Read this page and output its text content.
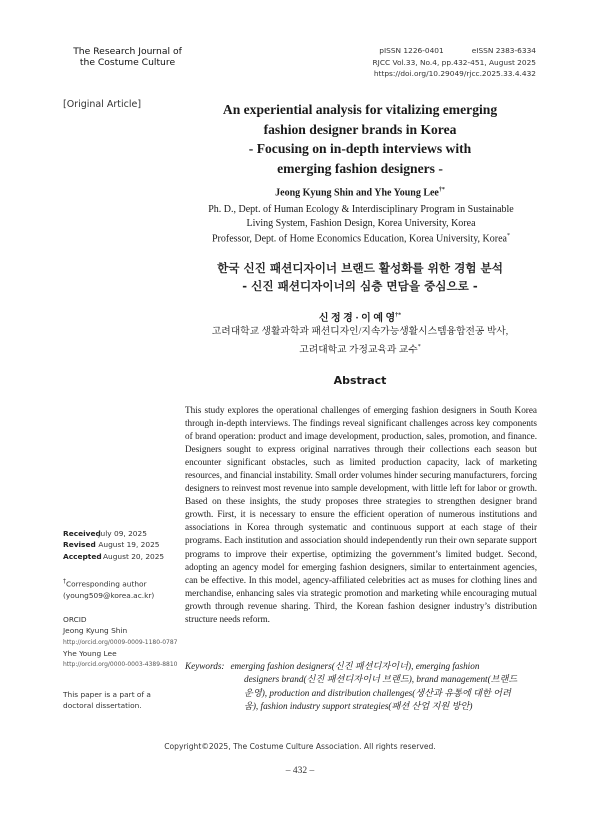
The Research Journal of
the Costume Culture
pISSN 1226-0401	eISSN 2383-6334
RJCC Vol.33, No.4, pp.432-451, August 2025
https://doi.org/10.29049/rjcc.2025.33.4.432
[Original Article]	An experiential analysis for vitalizing emerging
fashion designer brands in Korea
- Focusing on in-depth interviews with
emerging fashion designers -
Jeong Kyung Shin and Yhe Young Lee†*
Ph. D., Dept. of Human Ecology & Interdisciplinary Program in Sustainable
Living System, Fashion Design, Korea University, Korea
Professor, Dept. of Home Economics Education, Korea University, Korea*
한국 신진 패션디자이너 브랜드 활성화를 위한 경험 분석
- 신진 패션디자이너의 심층 면담을 중심으로 -
신 정 경 · 이 예 영†*
고려대학교 생활과학과 패션디자인/지속가능생활시스템융합전공 박사,
고려대학교 가정교육과 교수*
Abstract
This study explores the operational challenges of emerging fashion designers in South Korea through in-depth interviews. The findings reveal significant challenges across key components of brand operation: product and image development, production, sales, promotion, and finance. Designers sought to express original narratives through their collections each season but encounter significant obstacles, such as limited production capacity, lack of marketing resources, and financial instability. Small order volumes hinder securing manufacturers, forcing designers to reinvest most revenue into sample development, with little left for labor or growth. Based on these insights, the study proposes three strategies to strengthen designer brand growth. First, it is necessary to ensure the efficient operation of numerous institutions and associations in Korea through systematic and continuous support at each stage of their programs. Each institution and association should independently run their own separate support programs to improve their expertise, optimizing the government’s limited budget. Second, adopting an agency model for emerging fashion designers, similar to entertainment agencies, can be effective. In this model, agency-affiliated celebrities act as muses for clothing lines and merchandise, enhancing sales via strategic promotion and marketing while encouraging mutual growth through revenue sharing. Third, the Korean fashion designer industry’s distribution structure needs reform.
Keywords: emerging fashion designers(신진 패션디자이너), emerging fashion
designers brand(신진 패션디자이너 브랜드), brand management(브랜드
운영), production and distribution challenges(생산과 유통에 대한 어려
움), fashion industry support strategies(패션 산업 지원 방안)
Received July 09, 2025
Revised August 19, 2025
AcceptedAugust 20, 2025
†Corresponding author
(young509@korea.ac.kr)
ORCID
Jeong Kyung Shin
http://orcid.org/0009-0009-1180-0787
Yhe Young Lee
http://orcid.org/0000-0003-4389-8810
This paper is a part of a
doctoral dissertation.
Copyright©2025, The Costume Culture Association. All rights reserved.
– 432 –
